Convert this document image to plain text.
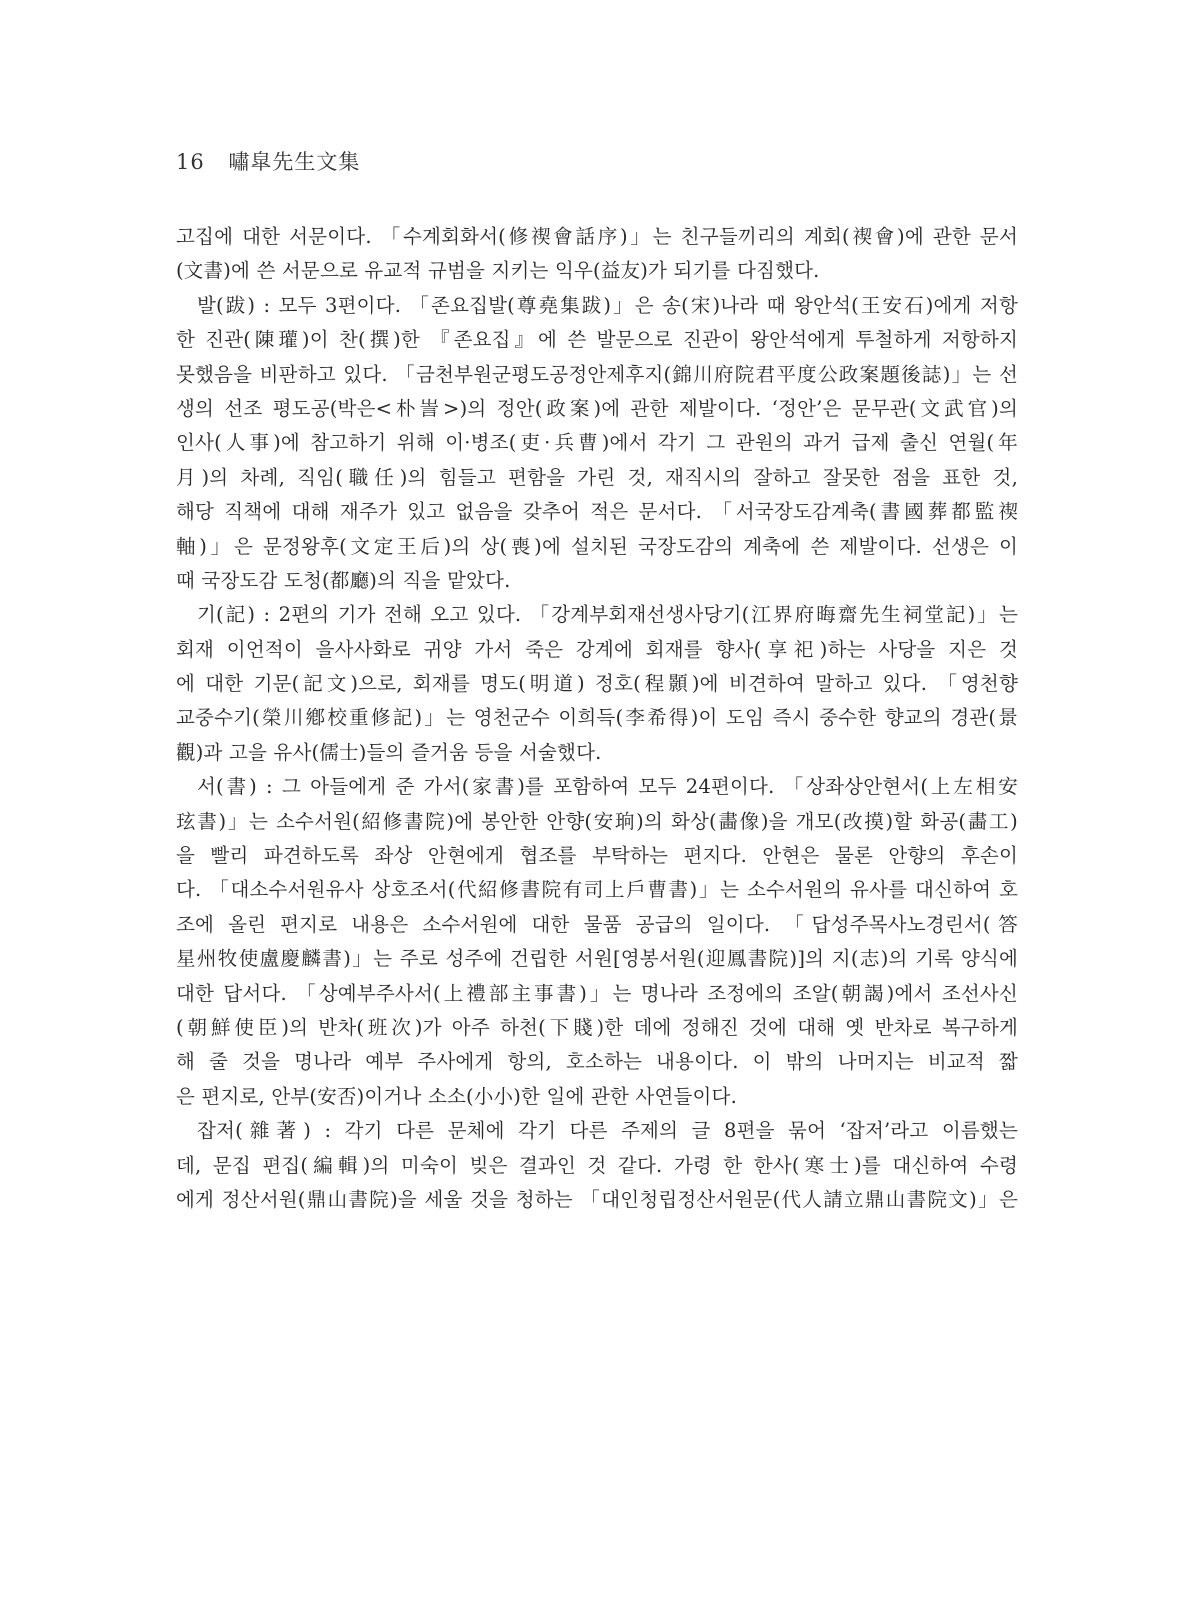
16 嘯皐先生文集
고집에 대한 서문이다. 「수계회화서(修禊會話序)」는 친구들끼리의 계회(禊會)에 관한 문서
(文書)에 쓴 서문으로 유교적 규범을 지키는 익우(益友)가 되기를 다짐했다.
발(跋) : 모두 3편이다. 「존요집발(尊堯集跋)」은 송(宋)나라 때 왕안석(王安石)에게 저항
한 진관(陳瓘)이 찬(撰)한 『존요집』에 쓴 발문으로 진관이 왕안석에게 투철하게 저항하지
못했음을 비판하고 있다. 「금천부원군평도공정안제후지(錦川府院君平度公政案題後誌)」는 선
생의 선조 평도공(박은<朴訔>)의 정안(政案)에 관한 제발이다. ‘정안’은 문무관(文武官)의
인사(人事)에 참고하기 위해 이·병조(吏·兵曹)에서 각기 그 관원의 과거 급제 출신 연월(年
月)의 차례, 직임(職任)의 힘들고 편함을 가린 것, 재직시의 잘하고 잘못한 점을 표한 것,
해당 직책에 대해 재주가 있고 없음을 갖추어 적은 문서다. 「서국장도감계축(書國葬都監禊
軸)」은 문정왕후(文定王后)의 상(喪)에 설치된 국장도감의 계축에 쓴 제발이다. 선생은 이
때 국장도감 도청(都廳)의 직을 맡았다.
기(記) : 2편의 기가 전해 오고 있다. 「강계부회재선생사당기(江界府晦齋先生祠堂記)」는
회재 이언적이 을사사화로 귀양 가서 죽은 강계에 회재를 향사(享祀)하는 사당을 지은 것
에 대한 기문(記文)으로, 회재를 명도(明道) 정호(程顥)에 비견하여 말하고 있다. 「영천향
교중수기(榮川鄕校重修記)」는 영천군수 이희득(李希得)이 도임 즉시 중수한 향교의 경관(景
觀)과 고을 유사(儒士)들의 즐거움 등을 서술했다.
서(書) : 그 아들에게 준 가서(家書)를 포함하여 모두 24편이다. 「상좌상안현서(上左相安
玹書)」는 소수서원(紹修書院)에 봉안한 안향(安珦)의 화상(畵像)을 개모(改摸)할 화공(畵工)
을 빨리 파견하도록 좌상 안현에게 협조를 부탁하는 편지다. 안현은 물론 안향의 후손이
다. 「대소수서원유사 상호조서(代紹修書院有司上戶曹書)」는 소수서원의 유사를 대신하여 호
조에 올린 편지로 내용은 소수서원에 대한 물품 공급의 일이다. 「답성주목사노경린서(答
星州牧使盧慶麟書)」는 주로 성주에 건립한 서원[영봉서원(迎鳳書院)]의 지(志)의 기록 양식에
대한 답서다. 「상예부주사서(上禮部主事書)」는 명나라 조정에의 조알(朝謁)에서 조선사신
(朝鮮使臣)의 반차(班次)가 아주 하천(下賤)한 데에 정해진 것에 대해 옛 반차로 복구하게
해 줄 것을 명나라 예부 주사에게 항의, 호소하는 내용이다. 이 밖의 나머지는 비교적 짧
은 편지로, 안부(安否)이거나 소소(小小)한 일에 관한 사연들이다.
잡저(雜著) : 각기 다른 문체에 각기 다른 주제의 글 8편을 묶어 ‘잡저’라고 이름했는
데, 문집 편집(編輯)의 미숙이 빚은 결과인 것 같다. 가령 한 한사(寒士)를 대신하여 수령
에게 정산서원(鼎山書院)을 세울 것을 청하는 「대인청립정산서원문(代人請立鼎山書院文)」은
